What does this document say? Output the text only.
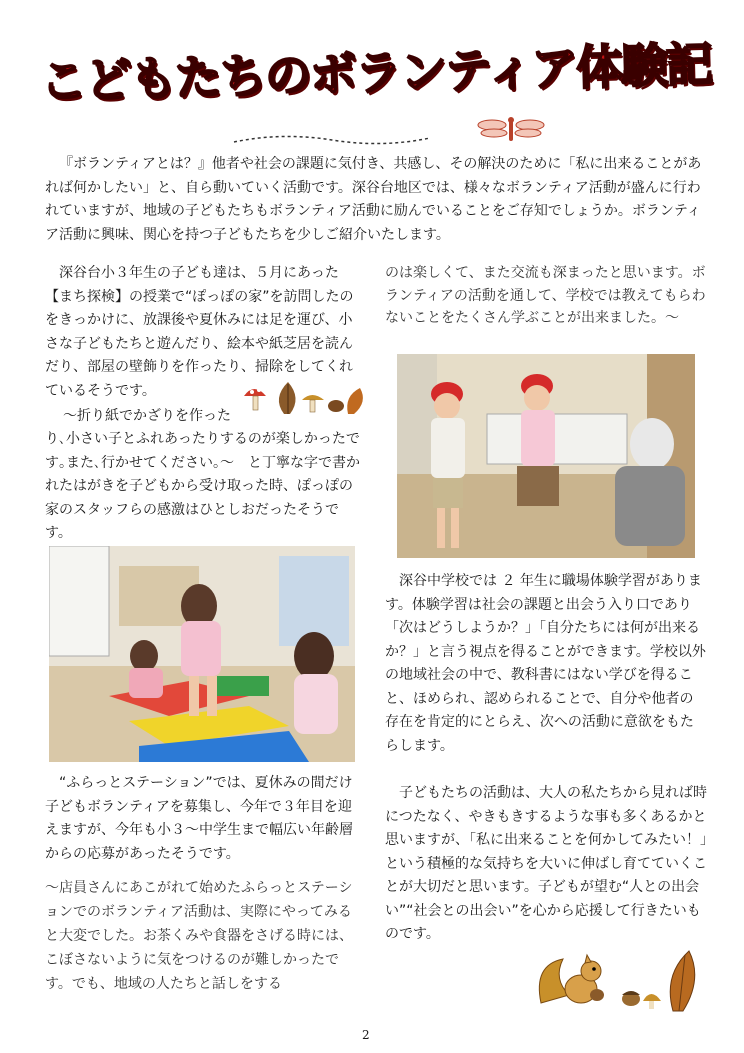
こどもたちのボランティア体験記

『ボランティアとは？』他者や社会の課題に気付き、共感し、その解決のために「私に出来ることがあれば何かしたい」と、自ら動いていく活動です。深谷台地区では、様々なボランティア活動が盛んに行われていますが、地域の子どもたちもボランティア活動に励んでいることをご存知でしょうか。ボランティア活動に興味、関心を持つ子どもたちを少しご紹介いたします。

深谷台小３年生の子ども達は、５月にあった【まち探検】の授業で“ぽっぽの家”を訪問したのをきっかけに、放課後や夏休みには足を運び、小さな子どもたちと遊んだり、絵本や紙芝居を読んだり、部屋の壁飾りを作ったり、掃除をしてくれているそうです。

～折り紙でかざりを作った

り､小さい子とふれあったりするのが楽しかったです｡また､行かせてください｡～　と丁寧な字で書かれたはがきを子どもから受け取った時、ぽっぽの家のスタッフらの感激はひとしおだったそうです。

“ふらっとステーション”では、夏休みの間だけ子どもボランティアを募集し、今年で３年目を迎えますが、今年も小３～中学生まで幅広い年齢層からの応募があったそうです。

～店員さんにあこがれて始めたふらっとステーションでのボランティア活動は、実際にやってみると大変でした。お茶くみや食器をさげる時には、こぼさないように気をつけるのが難しかったです。でも、地域の人たちと話しをする

のは楽しくて、また交流も深まったと思います。ボランティアの活動を通して、学校では教えてもらわないことをたくさん学ぶことが出来ました。～

深谷中学校では ２ 年生に職場体験学習があります。体験学習は社会の課題と出会う入り口であり「次はどうしようか？」「自分たちには何が出来るか？」と言う視点を得ることができます。学校以外の地域社会の中で、教科書にはない学びを得ること、ほめられ、認められることで、自分や他者の存在を肯定的にとらえ、次への活動に意欲をもたらします。

子どもたちの活動は、大人の私たちから見れば時につたなく、やきもきするような事も多くあるかと思いますが、「私に出来ることを何かしてみたい！」という積極的な気持ちを大いに伸ばし育てていくことが大切だと思います。子どもが望む“人との出会い”“社会との出会い”を心から応援して行きたいものです。

2
